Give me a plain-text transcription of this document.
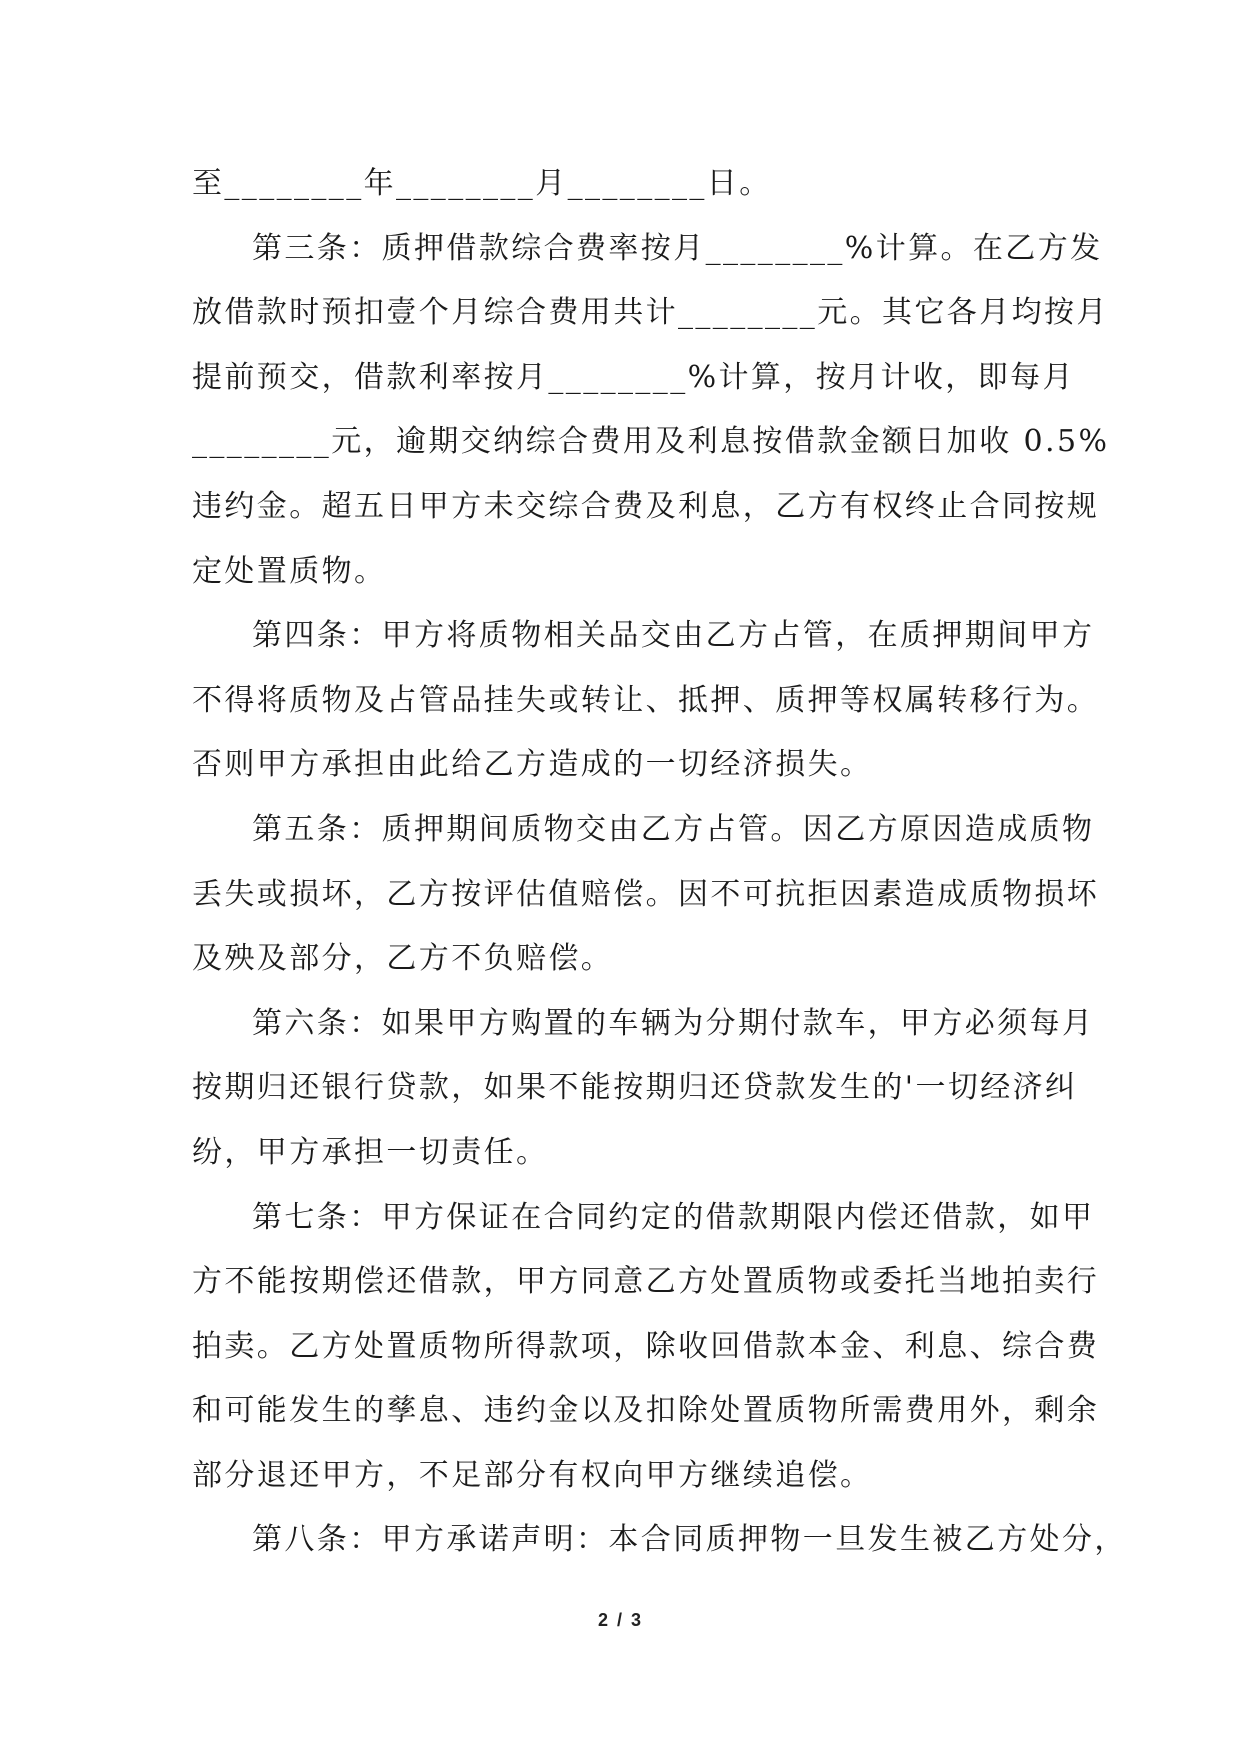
至________年________月________日。
第三条：质押借款综合费率按月________%计算。在乙方发
放借款时预扣壹个月综合费用共计________元。其它各月均按月
提前预交，借款利率按月________%计算，按月计收，即每月
________元，逾期交纳综合费用及利息按借款金额日加收 0.5%
违约金。超五日甲方未交综合费及利息，乙方有权终止合同按规
定处置质物。
第四条：甲方将质物相关品交由乙方占管，在质押期间甲方
不得将质物及占管品挂失或转让、抵押、质押等权属转移行为。
否则甲方承担由此给乙方造成的一切经济损失。
第五条：质押期间质物交由乙方占管。因乙方原因造成质物
丢失或损坏，乙方按评估值赔偿。因不可抗拒因素造成质物损坏
及殃及部分，乙方不负赔偿。
第六条：如果甲方购置的车辆为分期付款车，甲方必须每月
按期归还银行贷款，如果不能按期归还贷款发生的'一切经济纠
纷，甲方承担一切责任。
第七条：甲方保证在合同约定的借款期限内偿还借款，如甲
方不能按期偿还借款，甲方同意乙方处置质物或委托当地拍卖行
拍卖。乙方处置质物所得款项，除收回借款本金、利息、综合费
和可能发生的孳息、违约金以及扣除处置质物所需费用外，剩余
部分退还甲方，不足部分有权向甲方继续追偿。
第八条：甲方承诺声明：本合同质押物一旦发生被乙方处分，
2 / 3
